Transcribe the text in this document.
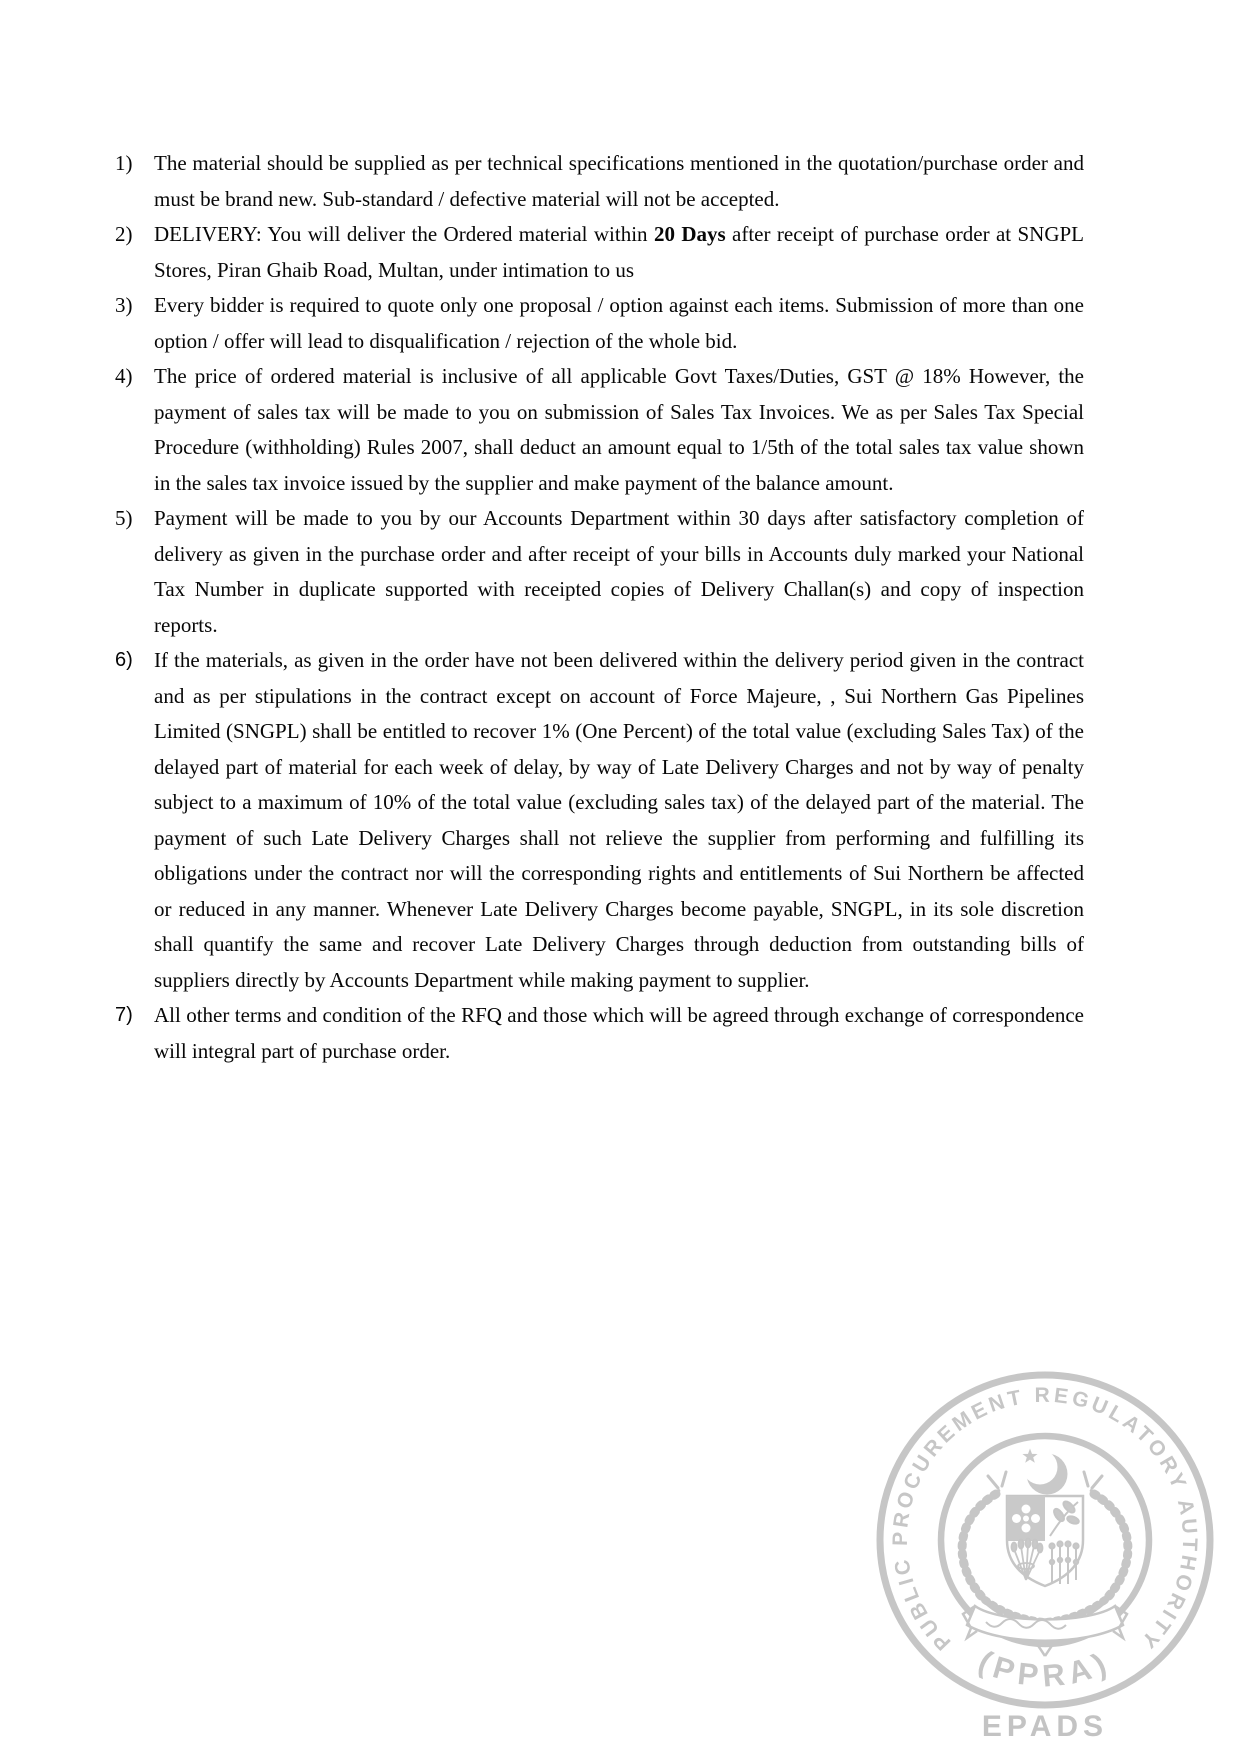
1)	The material should be supplied as per technical specifications mentioned in the quotation/purchase order and must be brand new. Sub-standard / defective material will not be accepted.

2)	DELIVERY: You will deliver the Ordered material within 20 Days after receipt of purchase order at SNGPL Stores, Piran Ghaib Road, Multan, under intimation to us

3)	Every bidder is required to quote only one proposal / option against each items. Submission of more than one option / offer will lead to disqualification / rejection of the whole bid.

4)	The price of ordered material is inclusive of all applicable Govt Taxes/Duties, GST @ 18% However, the payment of sales tax will be made to you on submission of Sales Tax Invoices. We as per Sales Tax Special Procedure (withholding) Rules 2007, shall deduct an amount equal to 1/5th of the total sales tax value shown in the sales tax invoice issued by the supplier and make payment of the balance amount.

5)	Payment will be made to you by our Accounts Department within 30 days after satisfactory completion of delivery as given in the purchase order and after receipt of your bills in Accounts duly marked your National Tax Number in duplicate supported with receipted copies of Delivery Challan(s) and copy of inspection reports.

6)	If the materials, as given in the order have not been delivered within the delivery period given in the contract and as per stipulations in the contract except on account of Force Majeure, , Sui Northern Gas Pipelines Limited (SNGPL) shall be entitled to recover 1% (One Percent) of the total value (excluding Sales Tax) of the delayed part of material for each week of delay, by way of Late Delivery Charges and not by way of penalty subject to a maximum of 10% of the total value (excluding sales tax) of the delayed part of the material. The payment of such Late Delivery Charges shall not relieve the supplier from performing and fulfilling its obligations under the contract nor will the corresponding rights and entitlements of Sui Northern be affected or reduced in any manner. Whenever Late Delivery Charges become payable, SNGPL, in its sole discretion shall quantify the same and recover Late Delivery Charges through deduction from outstanding bills of suppliers directly by Accounts Department while making payment to supplier.

7)	All other terms and condition of the RFQ and those which will be agreed through exchange of correspondence will integral part of purchase order.

PUBLIC PROCUREMENT REGULATORY AUTHORITY
(PPRA)
EPADS
